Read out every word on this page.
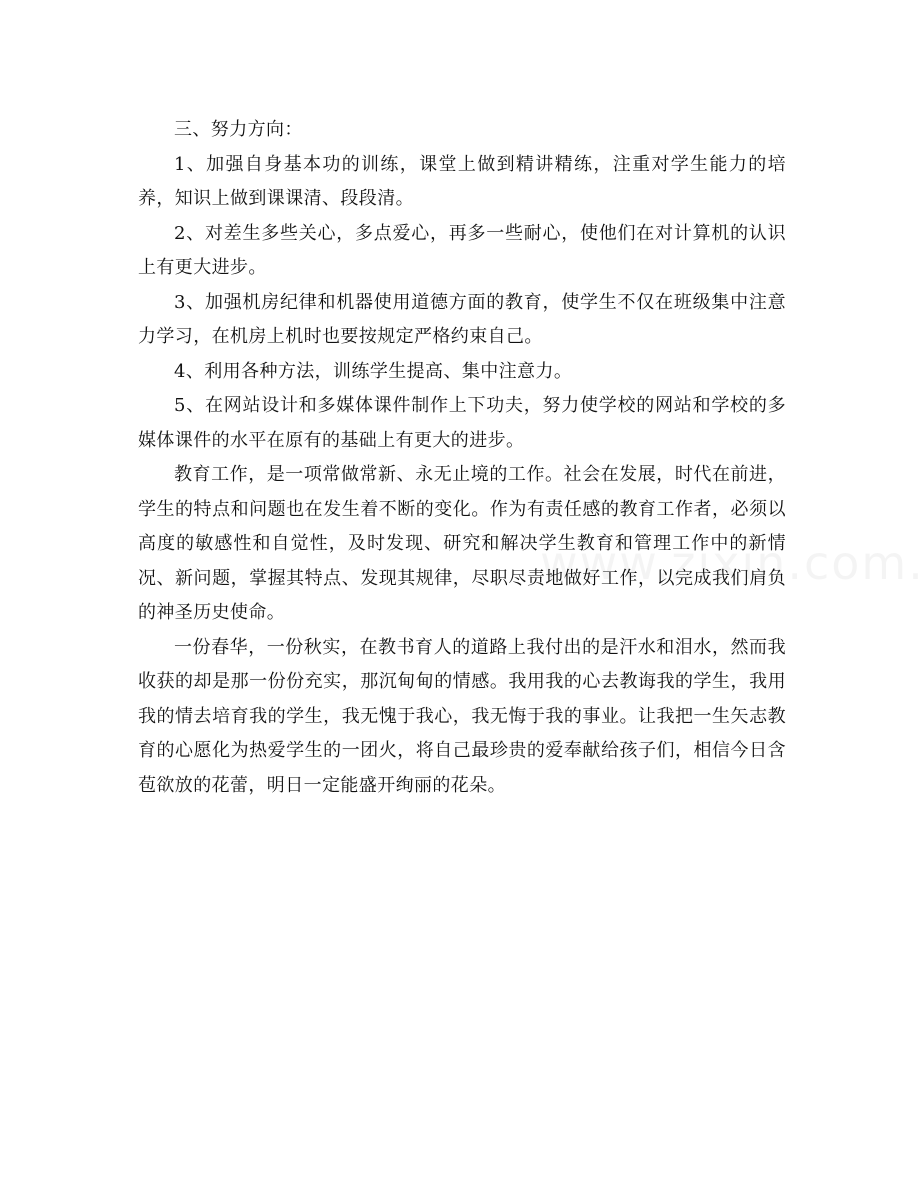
三、努力方向：

1、加强自身基本功的训练，课堂上做到精讲精练，注重对学生能力的培养，知识上做到课课清、段段清。

2、对差生多些关心，多点爱心，再多一些耐心，使他们在对计算机的认识上有更大进步。

3、加强机房纪律和机器使用道德方面的教育，使学生不仅在班级集中注意力学习，在机房上机时也要按规定严格约束自己。

4、利用各种方法，训练学生提高、集中注意力。

5、在网站设计和多媒体课件制作上下功夫，努力使学校的网站和学校的多媒体课件的水平在原有的基础上有更大的进步。

教育工作，是一项常做常新、永无止境的工作。社会在发展，时代在前进，学生的特点和问题也在发生着不断的变化。作为有责任感的教育工作者，必须以高度的敏感性和自觉性，及时发现、研究和解决学生教育和管理工作中的新情况、新问题，掌握其特点、发现其规律，尽职尽责地做好工作，以完成我们肩负的神圣历史使命。

一份春华，一份秋实，在教书育人的道路上我付出的是汗水和泪水，然而我收获的却是那一份份充实，那沉甸甸的情感。我用我的心去教诲我的学生，我用我的情去培育我的学生，我无愧于我心，我无悔于我的事业。让我把一生矢志教育的心愿化为热爱学生的一团火，将自己最珍贵的爱奉献给孩子们，相信今日含苞欲放的花蕾，明日一定能盛开绚丽的花朵。
